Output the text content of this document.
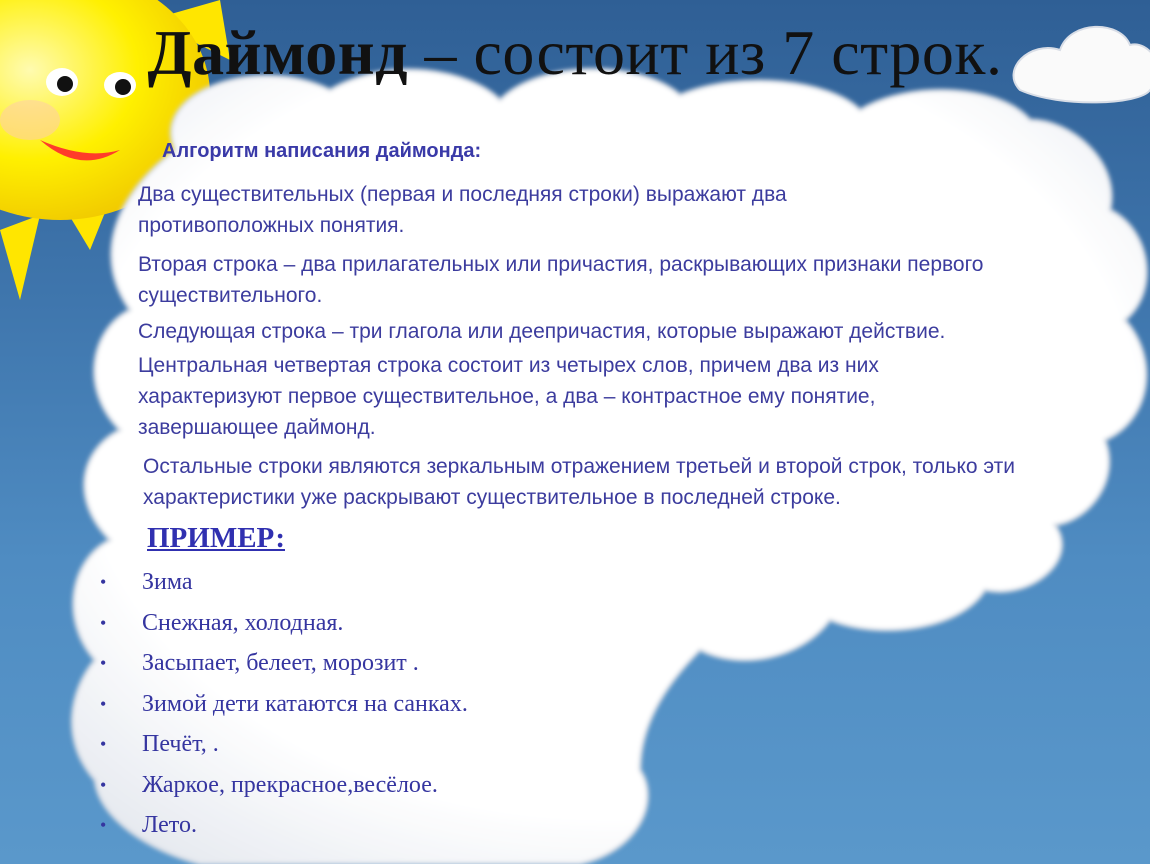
Даймонд – состоит из 7 строк.
Алгоритм написания даймонда:
Два существительных (первая и последняя строки) выражают два противоположных понятия.
Вторая строка – два прилагательных или причастия, раскрывающих признаки первого существительного.
Следующая строка – три глагола или деепричастия, которые выражают действие.
Центральная четвертая строка состоит из четырех слов, причем два из них характеризуют первое существительное, а два – контрастное ему понятие, завершающее даймонд.
Остальные строки являются зеркальным отражением третьей и второй строк, только эти характеристики уже раскрывают существительное в последней строке.
ПРИМЕР:
• Зима
• Снежная, холодная.
• Засыпает, белеет, морозит .
• Зимой дети катаются на санках.
• Печёт, .
• Жаркое, прекрасное,весёлое.
• Лето.
